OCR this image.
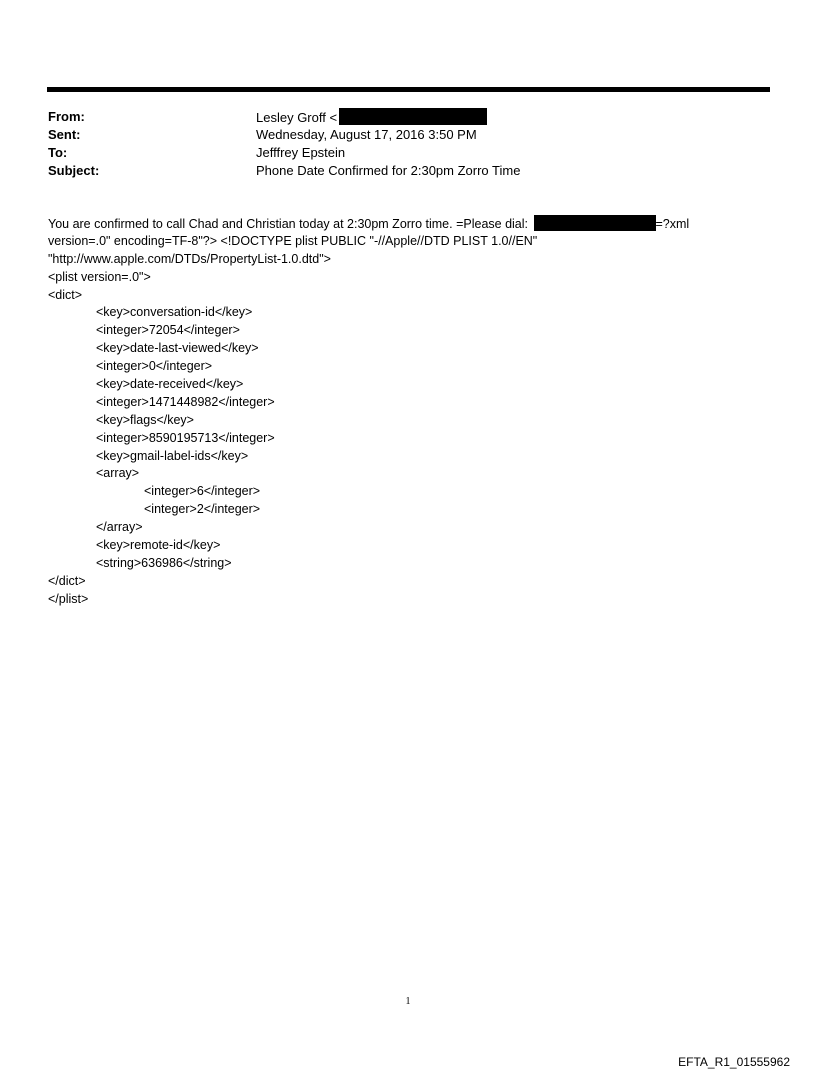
From:	Lesley Groff <
Sent:	Wednesday, August 17, 2016 3:50 PM
To:	Jefffrey Epstein
Subject:	Phone Date Confirmed for 2:30pm Zorro Time
You are confirmed to call Chad and Christian today at 2:30pm Zorro time. =Please dial:	=?xml
version=.0" encoding=TF-8"?> <!DOCTYPE plist PUBLIC "-//Apple//DTD PLIST 1.0//EN"
"http://www.apple.com/DTDs/PropertyList-1.0.dtd">
<plist version=.0">
<dict>
<key>conversation-id</key>
<integer>72054</integer>
<key>date-last-viewed</key>
<integer>0</integer>
<key>date-received</key>
<integer>1471448982</integer>
<key>flags</key>
<integer>8590195713</integer>
<key>gmail-label-ids</key>
<array>
<integer>6</integer>
<integer>2</integer>
</array>
<key>remote-id</key>
<string>636986</string>
</dict>
</plist>
1
EFTA_R1_01555962
